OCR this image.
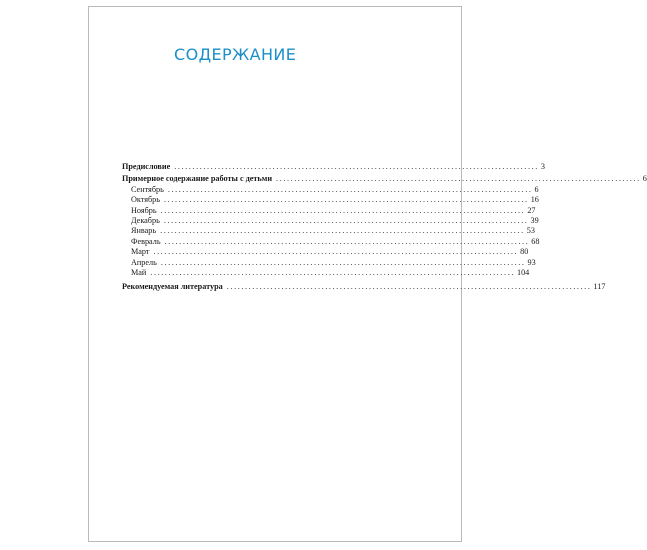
СОДЕРЖАНИЕ
Предисловие .................................................................................................... 3
Примерное содержание работы с детьми .................................................................................................... 6
Сентябрь .................................................................................................... 6
Октябрь .................................................................................................... 16
Ноябрь .................................................................................................... 27
Декабрь .................................................................................................... 39
Январь .................................................................................................... 53
Февраль .................................................................................................... 68
Март .................................................................................................... 80
Апрель .................................................................................................... 93
Май .................................................................................................... 104
Рекомендуемая литература .................................................................................................... 117
